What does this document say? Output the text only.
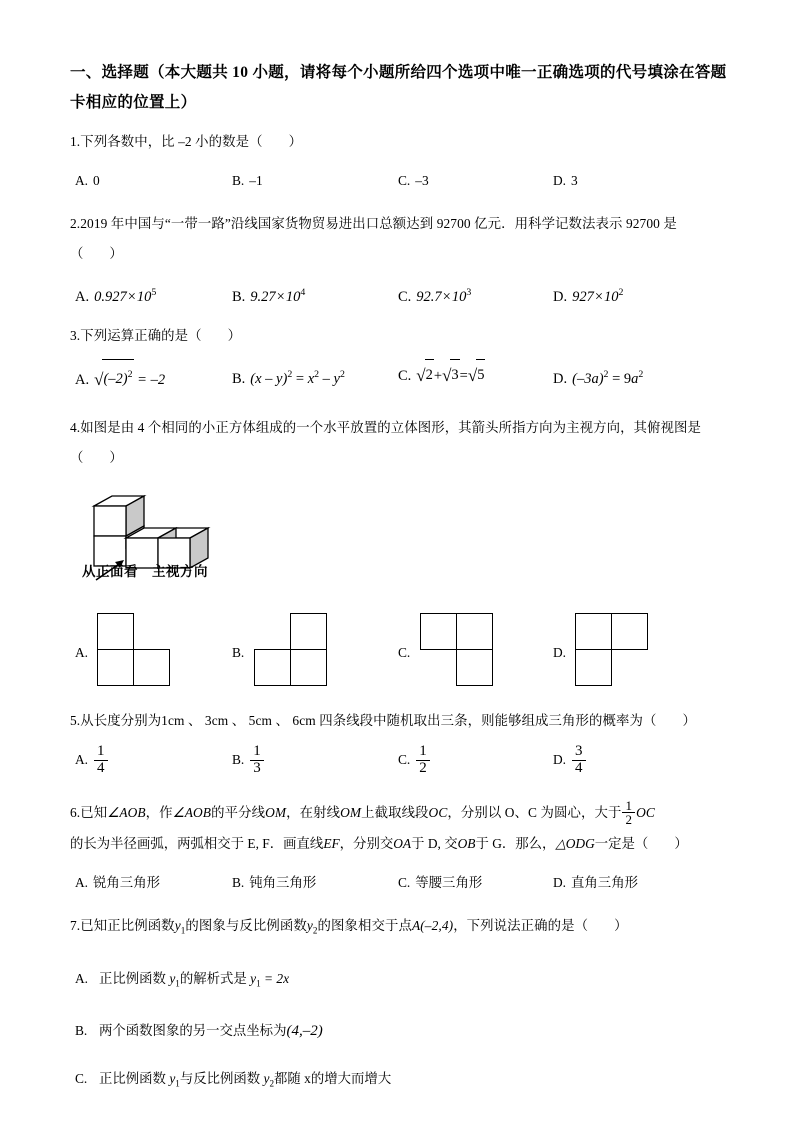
一、选择题（本大题共 10 小题，请将每个小题所给四个选项中唯一正确选项的代号填涂在答题卡相应的位置上）
1.下列各数中，比 –2 小的数是（ ）
A. 0	B. –1	C. –3	D. 3
2.2019 年中国与“一带一路”沿线国家货物贸易进出口总额达到 92700 亿元．用科学记数法表示 92700 是
（ ）
A. $0.927\times 10^5$	B. $9.27\times 10^4$	C. $92.7\times 10^3$	D. $927\times 10^2$
3.下列运算正确的是（ ）
A. $√(-2)^2 = -2$	B. $(x - y)^2 = x^2 - y^2$	C. √2+√3=√5	D. $(-3a)^2 = 9a^2$
4.如图是由 4 个相同的小正方体组成的一个水平放置的立体图形，其箭头所指方向为主视方向，其俯视图是
（ ）
从正面看 主视方向
A.	B.	C.	D.
5.从长度分别为1cm 、 3cm 、 5cm 、 6cm 四条线段中随机取出三条，则能够组成三角形的概率为（ ）
A. $\frac{1}{4}$	B. $\frac{1}{3}$	C. $\frac{1}{2}$	D. $\frac{3}{4}$
6.已知∠AOB，作∠AOB的平分线OM，在射线OM上截取线段OC，分别以 O、C 为圆心，大于 $\frac{1}{2}$ OC
的长为半径画弧，两弧相交于 E, F．画直线EF，分别交OA于 D, 交OB于 G．那么，△ODG一定是（ ）
A. 锐角三角形	B. 钝角三角形	C. 等腰三角形	D. 直角三角形
7.已知正比例函数$y_1$的图象与反比例函数$y_2$的图象相交于点A(–2,4)，下列说法正确的是（ ）
A. 正比例函数 $y_1$的解析式是 $y_1 = 2x$
B. 两个函数图象的另一交点坐标为(4,–2)
C. 正比例函数 $y_1$与反比例函数 $y_2$都随 x的增大而增大
